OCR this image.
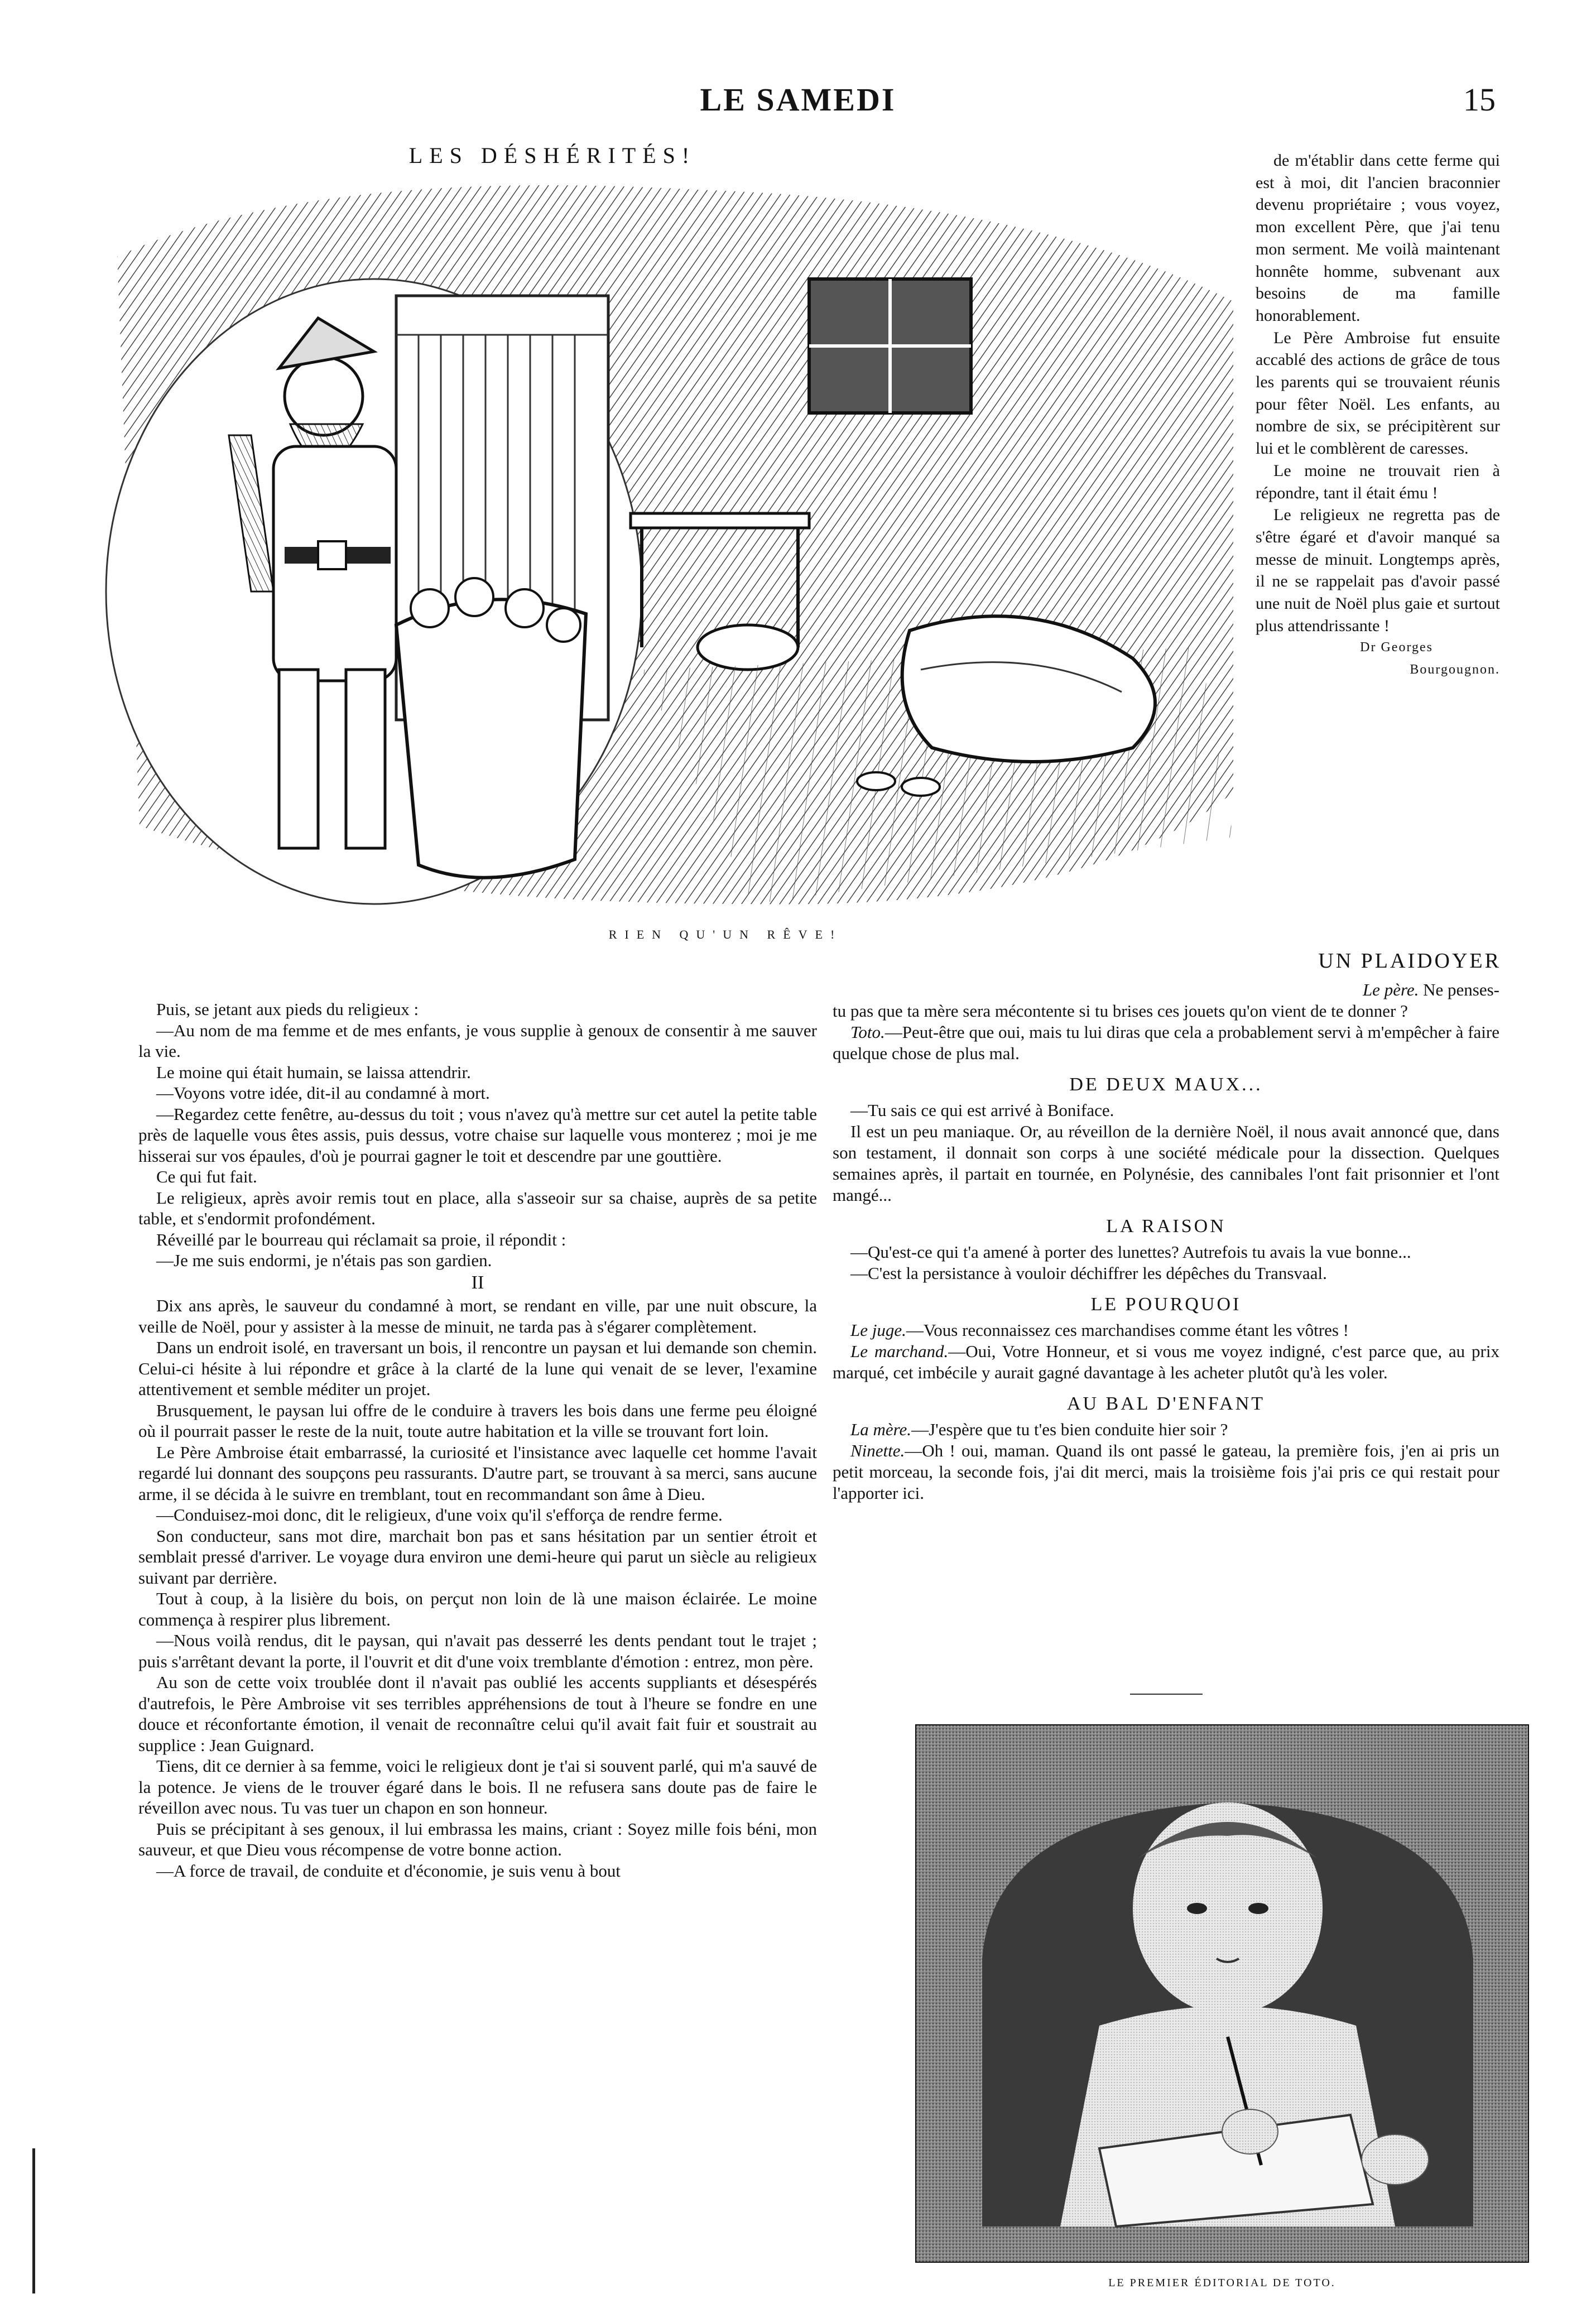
LE SAMEDI	15
LES DÉSHÉRITÉS!
RIEN QU'UN RÊVE!

de m'établir dans cette ferme qui est à moi, dit l'ancien braconnier devenu propriétaire ; vous voyez, mon excellent Père, que j'ai tenu mon serment. Me voilà maintenant honnête homme, subvenant aux besoins de ma famille honorablement.

Le Père Ambroise fut ensuite accablé des actions de grâce de tous les parents qui se trouvaient réunis pour fêter Noël. Les enfants, au nombre de six, se précipitèrent sur lui et le comblèrent de caresses.

Le moine ne trouvait rien à répondre, tant il était ému !

Le religieux ne regretta pas de s'être égaré et d'avoir manqué sa messe de minuit. Longtemps après, il ne se rappelait pas d'avoir passé une nuit de Noël plus gaie et surtout plus attendrissante !

Dr Georges
Bourgougnon.
UN PLAIDOYER

Puis, se jetant aux pieds du religieux :

—Au nom de ma femme et de mes enfants, je vous supplie à genoux de consentir à me sauver la vie.

Le moine qui était humain, se laissa attendrir.

—Voyons votre idée, dit-il au condamné à mort.

—Regardez cette fenêtre, au-dessus du toit ; vous n'avez qu'à mettre sur cet autel la petite table près de laquelle vous êtes assis, puis dessus, votre chaise sur laquelle vous monterez ; moi je me hisserai sur vos épaules, d'où je pourrai gagner le toit et descendre par une gouttière.

Ce qui fut fait.

Le religieux, après avoir remis tout en place, alla s'asseoir sur sa chaise, auprès de sa petite table, et s'endormit profondément.

Réveillé par le bourreau qui réclamait sa proie, il répondit :

—Je me suis endormi, je n'étais pas son gardien.

II

Dix ans après, le sauveur du condamné à mort, se rendant en ville, par une nuit obscure, la veille de Noël, pour y assister à la messe de minuit, ne tarda pas à s'égarer complètement.

Dans un endroit isolé, en traversant un bois, il rencontre un paysan et lui demande son chemin. Celui-ci hésite à lui répondre et grâce à la clarté de la lune qui venait de se lever, l'examine attentivement et semble méditer un projet.

Brusquement, le paysan lui offre de le conduire à travers les bois dans une ferme peu éloigné où il pourrait passer le reste de la nuit, toute autre habitation et la ville se trouvant fort loin.

Le Père Ambroise était embarrassé, la curiosité et l'insistance avec laquelle cet homme l'avait regardé lui donnant des soupçons peu rassurants. D'autre part, se trouvant à sa merci, sans aucune arme, il se décida à le suivre en tremblant, tout en recommandant son âme à Dieu.

—Conduisez-moi donc, dit le religieux, d'une voix qu'il s'efforça de rendre ferme.

Son conducteur, sans mot dire, marchait bon pas et sans hésitation par un sentier étroit et semblait pressé d'arriver. Le voyage dura environ une demi-heure qui parut un siècle au religieux suivant par derrière.

Tout à coup, à la lisière du bois, on perçut non loin de là une maison éclairée. Le moine commença à respirer plus librement.

—Nous voilà rendus, dit le paysan, qui n'avait pas desserré les dents pendant tout le trajet ; puis s'arrêtant devant la porte, il l'ouvrit et dit d'une voix tremblante d'émotion : entrez, mon père.

Au son de cette voix troublée dont il n'avait pas oublié les accents suppliants et désespérés d'autrefois, le Père Ambroise vit ses terribles appréhensions de tout à l'heure se fondre en une douce et réconfortante émotion, il venait de reconnaître celui qu'il avait fait fuir et soustrait au supplice : Jean Guignard.

Tiens, dit ce dernier à sa femme, voici le religieux dont je t'ai si souvent parlé, qui m'a sauvé de la potence. Je viens de le trouver égaré dans le bois. Il ne refusera sans doute pas de faire le réveillon avec nous. Tu vas tuer un chapon en son honneur.

Puis se précipitant à ses genoux, il lui embrassa les mains, criant : Soyez mille fois béni, mon sauveur, et que Dieu vous récompense de votre bonne action.

—A force de travail, de conduite et d'économie, je suis venu à bout

Le père. Ne penses-

tu pas que ta mère sera mécontente si tu brises ces jouets qu'on vient de te donner ?

Toto.—Peut-être que oui, mais tu lui diras que cela a probablement servi à m'empêcher à faire quelque chose de plus mal.

DE DEUX MAUX...

—Tu sais ce qui est arrivé à Boniface.

Il est un peu maniaque. Or, au réveillon de la dernière Noël, il nous avait annoncé que, dans son testament, il donnait son corps à une société médicale pour la dissection. Quelques semaines après, il partait en tournée, en Polynésie, des cannibales l'ont fait prisonnier et l'ont mangé...

LA RAISON

—Qu'est-ce qui t'a amené à porter des lunettes? Autrefois tu avais la vue bonne...

—C'est la persistance à vouloir déchiffrer les dépêches du Transvaal.

LE POURQUOI

Le juge.—Vous reconnaissez ces marchandises comme étant les vôtres !

Le marchand.—Oui, Votre Honneur, et si vous me voyez indigné, c'est parce que, au prix marqué, cet imbécile y aurait gagné davantage à les acheter plutôt qu'à les voler.

AU BAL D'ENFANT

La mère.—J'espère que tu t'es bien conduite hier soir ?

Ninette.—Oh ! oui, maman. Quand ils ont passé le gateau, la première fois, j'en ai pris un petit morceau, la seconde fois, j'ai dit merci, mais la troisième fois j'ai pris ce qui restait pour l'apporter ici.

LE PREMIER ÉDITORIAL DE TOTO.
